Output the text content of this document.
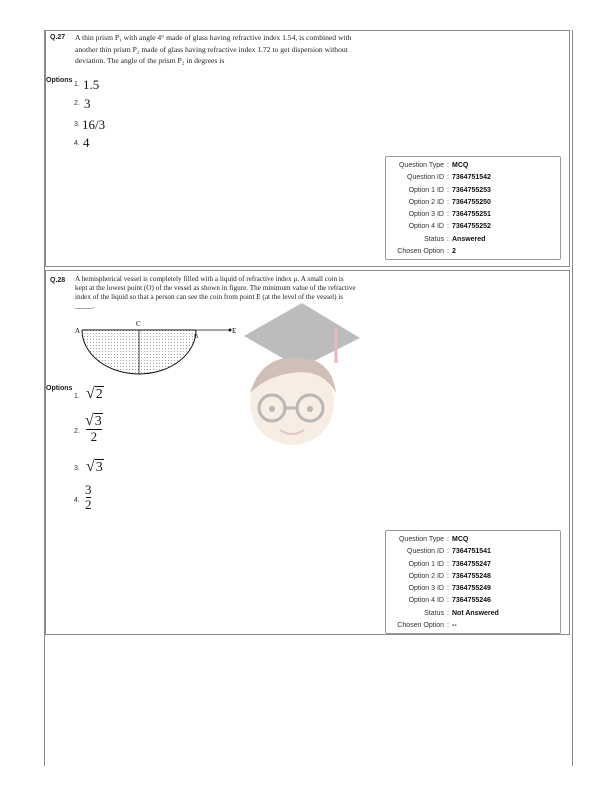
Q.27 A thin prism P₁ with angle 4° made of glass having refractive index 1.54, is combined with
another thin prism P₂ made of glass having refractive index 1.72 to get dispersion without
deviation. The angle of the prism P₂ in degrees is
Options
1. 1.5
2. 3
3. 16/3
4. 4
Question Type : MCQ
Question ID : 7364751542
Option 1 ID : 7364755253
Option 2 ID : 7364755250
Option 3 ID : 7364755251
Option 4 ID : 7364755252
Status : Answered
Chosen Option : 2
Q.28 A hemispherical vessel is completely filled with a liquid of refractive index μ. A small coin is
kept at the lowest point (O) of the vessel as shown in figure. The minimum value of the refractive
index of the liquid so that a person can see the coin from point E (at the level of the vessel) is
_____.
A
B
C
E
Options
1. √ 2
2. $\frac{√ 3}{2}$
3. √ 3
4. $\frac{3}{2}$
Question Type : MCQ
Question ID : 7364751541
Option 1 ID : 7364755247
Option 2 ID : 7364755248
Option 3 ID : 7364755249
Option 4 ID : 7364755246
Status : Not Answered
Chosen Option : --
